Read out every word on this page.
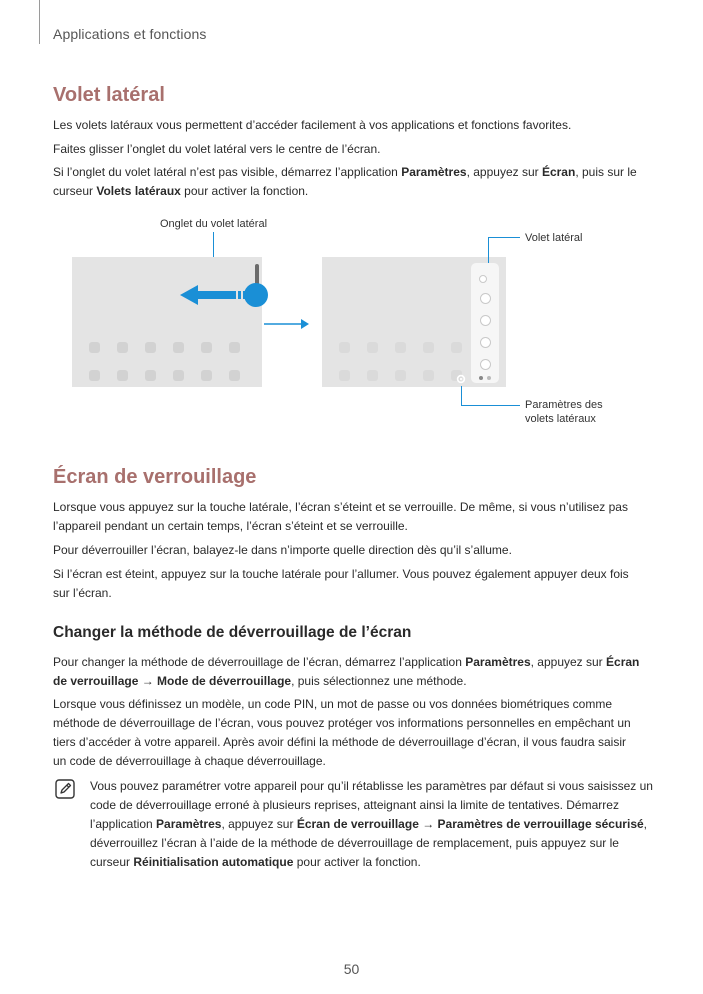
Applications et fonctions
Volet latéral
Les volets latéraux vous permettent d’accéder facilement à vos applications et fonctions favorites.
Faites glisser l’onglet du volet latéral vers le centre de l’écran.
Si l’onglet du volet latéral n’est pas visible, démarrez l’application Paramètres, appuyez sur Écran, puis sur le curseur Volets latéraux pour activer la fonction.
Onglet du volet latéral
Volet latéral
Paramètres des
volets latéraux
Écran de verrouillage
Lorsque vous appuyez sur la touche latérale, l’écran s’éteint et se verrouille. De même, si vous n’utilisez pas l’appareil pendant un certain temps, l’écran s’éteint et se verrouille.
Pour déverrouiller l’écran, balayez-le dans n’importe quelle direction dès qu’il s’allume.
Si l’écran est éteint, appuyez sur la touche latérale pour l’allumer. Vous pouvez également appuyer deux fois sur l’écran.
Changer la méthode de déverrouillage de l’écran
Pour changer la méthode de déverrouillage de l’écran, démarrez l’application Paramètres, appuyez sur Écran de verrouillage → Mode de déverrouillage, puis sélectionnez une méthode.
Lorsque vous définissez un modèle, un code PIN, un mot de passe ou vos données biométriques comme méthode de déverrouillage de l’écran, vous pouvez protéger vos informations personnelles en empêchant un tiers d’accéder à votre appareil. Après avoir défini la méthode de déverrouillage d’écran, il vous faudra saisir un code de déverrouillage à chaque déverrouillage.
Vous pouvez paramétrer votre appareil pour qu’il rétablisse les paramètres par défaut si vous saisissez un code de déverrouillage erroné à plusieurs reprises, atteignant ainsi la limite de tentatives. Démarrez l’application Paramètres, appuyez sur Écran de verrouillage → Paramètres de verrouillage sécurisé, déverrouillez l’écran à l’aide de la méthode de déverrouillage de remplacement, puis appuyez sur le curseur Réinitialisation automatique pour activer la fonction.
50
